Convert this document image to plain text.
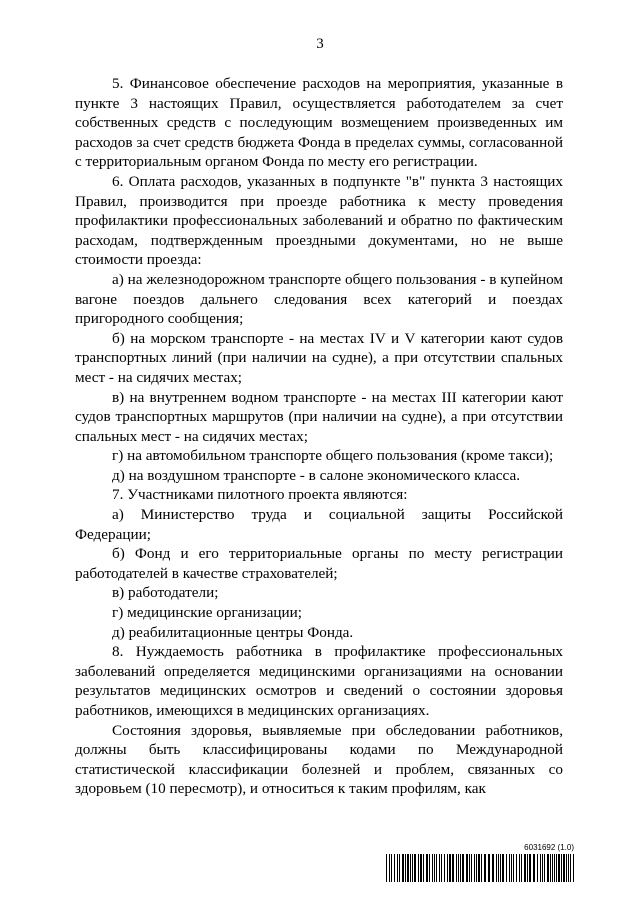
3

5. Финансовое обеспечение расходов на мероприятия, указанные в пункте 3 настоящих Правил, осуществляется работодателем за счет собственных средств с последующим возмещением произведенных им расходов за счет средств бюджета Фонда в пределах суммы, согласованной с территориальным органом Фонда по месту его регистрации.

6. Оплата расходов, указанных в подпункте "в" пункта 3 настоящих Правил, производится при проезде работника к месту проведения профилактики профессиональных заболеваний и обратно по фактическим расходам, подтвержденным проездными документами, но не выше стоимости проезда:

а) на железнодорожном транспорте общего пользования - в купейном вагоне поездов дальнего следования всех категорий и поездах пригородного сообщения;

б) на морском транспорте - на местах IV и V категории кают судов транспортных линий (при наличии на судне), а при отсутствии спальных мест - на сидячих местах;

в) на внутреннем водном транспорте - на местах III категории кают судов транспортных маршрутов (при наличии на судне), а при отсутствии спальных мест - на сидячих местах;

г) на автомобильном транспорте общего пользования (кроме такси);

д) на воздушном транспорте - в салоне экономического класса.

7. Участниками пилотного проекта являются:

а) Министерство труда и социальной защиты Российской Федерации;

б) Фонд и его территориальные органы по месту регистрации работодателей в качестве страхователей;

в) работодатели;

г) медицинские организации;

д) реабилитационные центры Фонда.

8. Нуждаемость работника в профилактике профессиональных заболеваний определяется медицинскими организациями на основании результатов медицинских осмотров и сведений о состоянии здоровья работников, имеющихся в медицинских организациях.

Состояния здоровья, выявляемые при обследовании работников, должны быть классифицированы кодами по Международной статистической классификации болезней и проблем, связанных со здоровьем (10 пересмотр), и относиться к таким профилям, как

6031692 (1.0)
